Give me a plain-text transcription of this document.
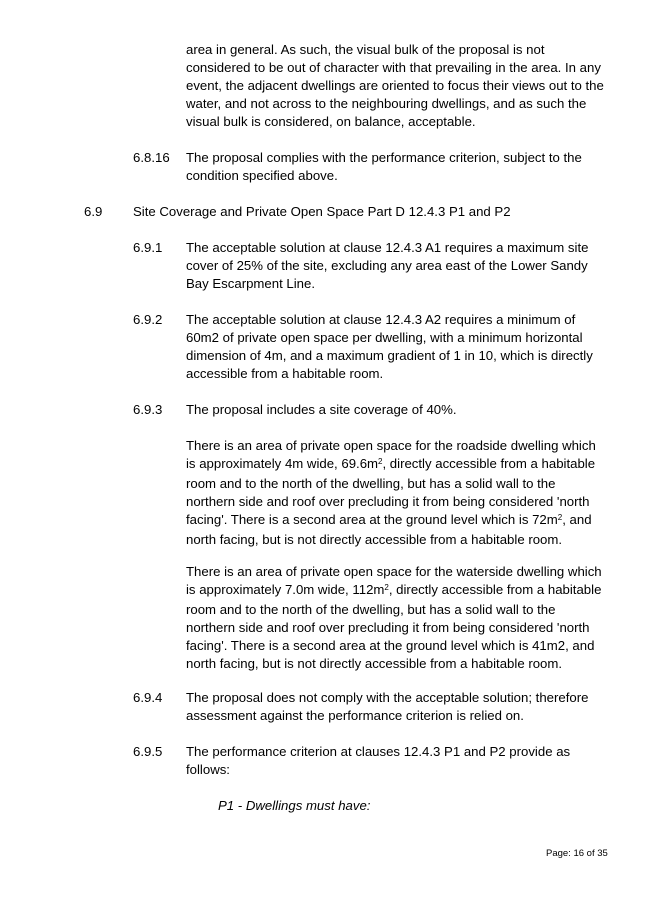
area in general. As such, the visual bulk of the proposal is not considered to be out of character with that prevailing in the area. In any event, the adjacent dwellings are oriented to focus their views out to the water, and not across to the neighbouring dwellings, and as such the visual bulk is considered, on balance, acceptable.

6.8.16 The proposal complies with the performance criterion, subject to the condition specified above.

6.9 Site Coverage and Private Open Space Part D 12.4.3 P1 and P2
6.9.1 The acceptable solution at clause 12.4.3 A1 requires a maximum site cover of 25% of the site, excluding any area east of the Lower Sandy Bay Escarpment Line.

6.9.2 The acceptable solution at clause 12.4.3 A2 requires a minimum of 60m2 of private open space per dwelling, with a minimum horizontal dimension of 4m, and a maximum gradient of 1 in 10, which is directly accessible from a habitable room.

6.9.3 The proposal includes a site coverage of 40%.

There is an area of private open space for the roadside dwelling which is approximately 4m wide, $69.6m^2$, directly accessible from a habitable room and to the north of the dwelling, but has a solid wall to the northern side and roof over precluding it from being considered 'north facing'. There is a second area at the ground level which is $72m^2$, and north facing, but is not directly accessible from a habitable room.

There is an area of private open space for the waterside dwelling which is approximately 7.0m wide, $112m^2$, directly accessible from a habitable room and to the north of the dwelling, but has a solid wall to the northern side and roof over precluding it from being considered 'north facing'. There is a second area at the ground level which is 41m2, and north facing, but is not directly accessible from a habitable room.

6.9.4 The proposal does not comply with the acceptable solution; therefore assessment against the performance criterion is relied on.

6.9.5 The performance criterion at clauses 12.4.3 P1 and P2 provide as follows:

P1 - Dwellings must have:

Page: 16 of 35
